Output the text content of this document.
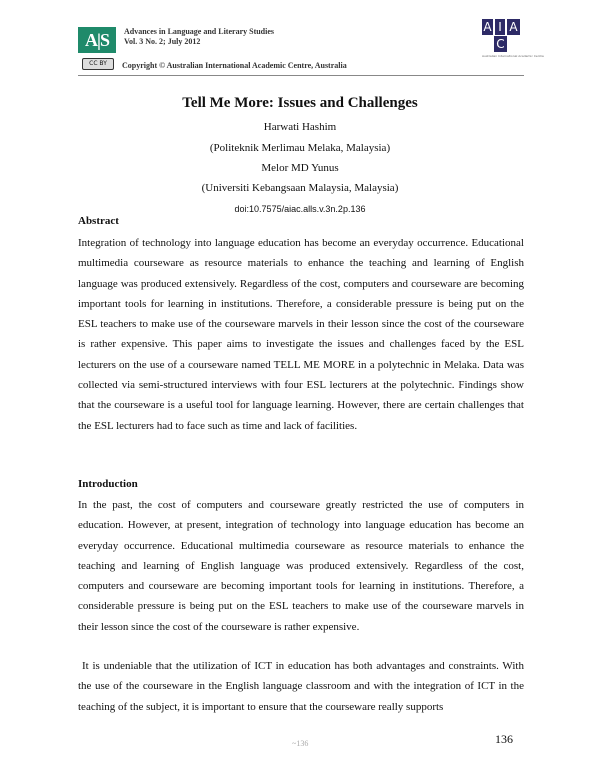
A|S	Advances in Language and Literary Studies
Vol. 3 No. 2; July 2012
CC BY	Copyright © Australian International Academic Centre, Australia
A I A
C
Australian International Academic Centre
Tell Me More: Issues and Challenges
Harwati Hashim
(Politeknik Merlimau Melaka, Malaysia)
Melor MD Yunus
(Universiti Kebangsaan Malaysia, Malaysia)
doi:10.7575/aiac.alls.v.3n.2p.136
Abstract

Integration of technology into language education has become an everyday occurrence. Educational multimedia courseware as resource materials to enhance the teaching and learning of English language was produced extensively. Regardless of the cost, computers and courseware are becoming important tools for learning in institutions. Therefore, a considerable pressure is being put on the ESL teachers to make use of the courseware marvels in their lesson since the cost of the courseware is rather expensive. This paper aims to investigate the issues and challenges faced by the ESL lecturers on the use of a courseware named TELL ME MORE in a polytechnic in Melaka. Data was collected via semi-structured interviews with four ESL lecturers at the polytechnic. Findings show that the courseware is a useful tool for language learning. However, there are certain challenges that the ESL lecturers had to face such as time and lack of facilities.

Introduction

In the past, the cost of computers and courseware greatly restricted the use of computers in education. However, at present, integration of technology into language education has become an everyday occurrence. Educational multimedia courseware as resource materials to enhance the teaching and learning of English language was produced extensively. Regardless of the cost, computers and courseware are becoming important tools for learning in institutions. Therefore, a considerable pressure is being put on the ESL teachers to make use of the courseware marvels in their lesson since the cost of the courseware is rather expensive.

It is undeniable that the utilization of ICT in education has both advantages and constraints. With the use of the courseware in the English language classroom and with the integration of ICT in the teaching of the subject, it is important to ensure that the courseware really supports

~136	136
